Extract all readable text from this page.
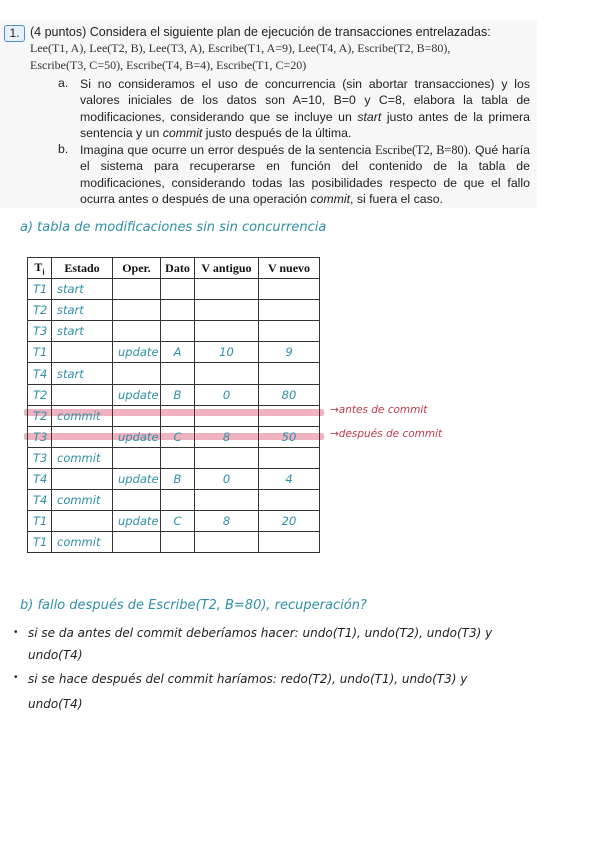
1. (4 puntos) Considera el siguiente plan de ejecución de transacciones entrelazadas:
Lee(T1, A), Lee(T2, B), Lee(T3, A), Escribe(T1, A=9), Lee(T4, A), Escribe(T2, B=80),
Escribe(T3, C=50), Escribe(T4, B=4), Escribe(T1, C=20)
a. Si no consideramos el uso de concurrencia (sin abortar transacciones) y los valores iniciales de los datos son A=10, B=0 y C=8, elabora la tabla de modificaciones, considerando que se incluye un start justo antes de la primera sentencia y un commit justo después de la última.
b. Imagina que ocurre un error después de la sentencia Escribe(T2, B=80). Qué haría el sistema para recuperarse en función del contenido de la tabla de modificaciones, considerando todas las posibilidades respecto de que el fallo ocurra antes o después de una operación commit, si fuera el caso.
a) tabla de modificaciones sin sin concurrencia
$T_i$	Estado	Oper.	Dato	V antiguo	V nuevo
T1	start				
T2	start				
T3	start				
T1		update	A	10	9
T4	start				
T2		update	B	0	80
T2	commit				
T3		update	C	8	50
T3	commit				
T4		update	B	0	4
T4	commit				
T1		update	C	8	20
T1	commit				
→antes de commit
→después de commit
b) fallo después de Escribe(T2, B=80), recuperación?
• si se da antes del commit deberíamos hacer: undo(T1), undo(T2), undo(T3) y
undo(T4)
• si se hace después del commit haríamos: redo(T2), undo(T1), undo(T3) y
undo(T4)
